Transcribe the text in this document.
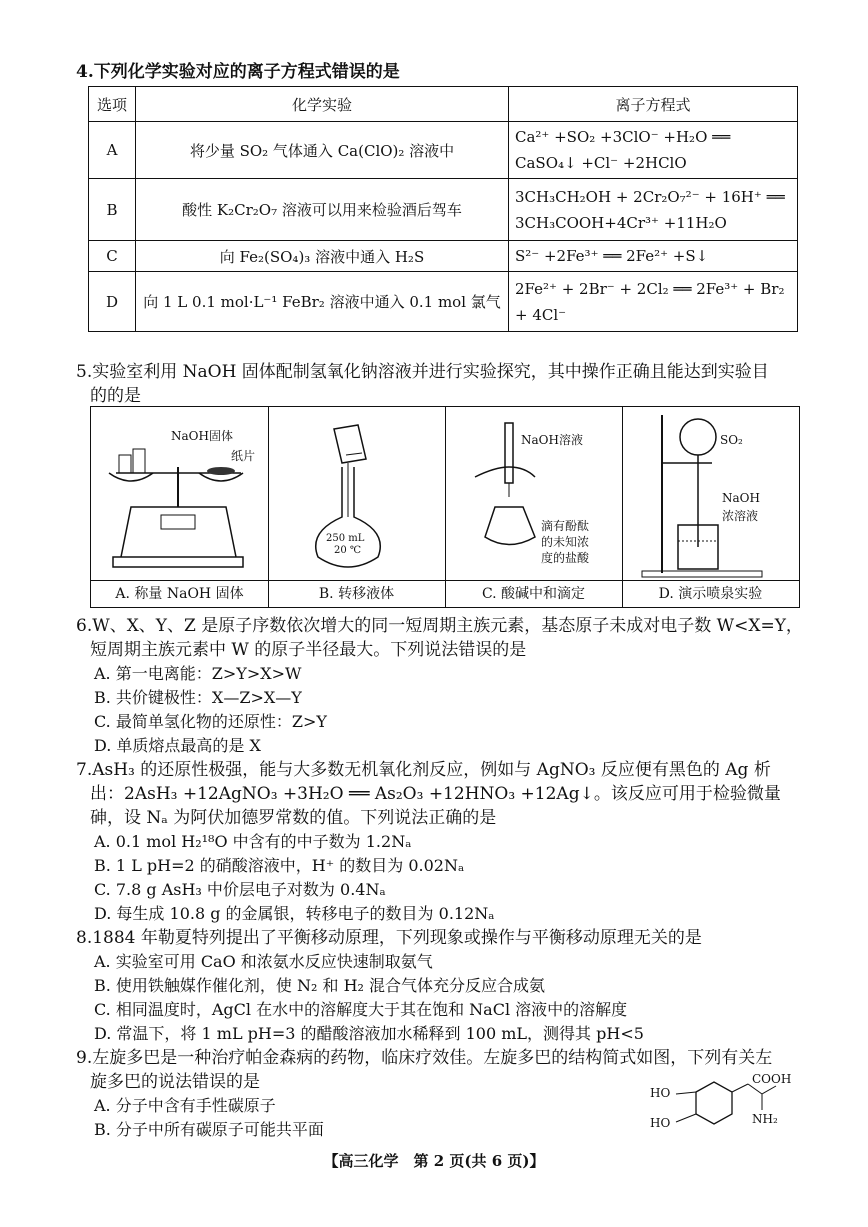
4.下列化学实验对应的离子方程式错误的是
选项	化学实验	离子方程式
A	将少量 SO₂ 气体通入 Ca(ClO)₂ 溶液中	Ca²⁺ +SO₂ +3ClO⁻ +H₂O ══ CaSO₄↓ +Cl⁻ +2HClO
B	酸性 K₂Cr₂O₇ 溶液可以用来检验酒后驾车	3CH₃CH₂OH + 2Cr₂O₇²⁻ + 16H⁺ ══ 3CH₃COOH+4Cr³⁺ +11H₂O
C	向 Fe₂(SO₄)₃ 溶液中通入 H₂S	S²⁻ +2Fe³⁺ ══ 2Fe²⁺ +S↓
D	向 1 L 0.1 mol·L⁻¹ FeBr₂ 溶液中通入 0.1 mol 氯气	2Fe²⁺ + 2Br⁻ + 2Cl₂ ══ 2Fe³⁺ + Br₂ + 4Cl⁻
5.实验室利用 NaOH 固体配制氢氧化钠溶液并进行实验探究，其中操作正确且能达到实验目
的的是
NaOH固体
纸片
A. 称量 NaOH 固体
250 mL
20 ℃
B. 转移液体
NaOH溶液
滴有酚酞
的未知浓
度的盐酸
C. 酸碱中和滴定
SO₂
NaOH
浓溶液
D. 演示喷泉实验
6.W、X、Y、Z 是原子序数依次增大的同一短周期主族元素，基态原子未成对电子数 W<X=Y，
短周期主族元素中 W 的原子半径最大。下列说法错误的是
A. 第一电离能：Z>Y>X>W
B. 共价键极性：X—Z>X—Y
C. 最简单氢化物的还原性：Z>Y
D. 单质熔点最高的是 X
7.AsH₃ 的还原性极强，能与大多数无机氧化剂反应，例如与 AgNO₃ 反应便有黑色的 Ag 析
出：2AsH₃ +12AgNO₃ +3H₂O ══ As₂O₃ +12HNO₃ +12Ag↓。该反应可用于检验微量
砷，设 Nₐ 为阿伏加德罗常数的值。下列说法正确的是
A. 0.1 mol H₂¹⁸O 中含有的中子数为 1.2Nₐ
B. 1 L pH=2 的硝酸溶液中，H⁺ 的数目为 0.02Nₐ
C. 7.8 g AsH₃ 中价层电子对数为 0.4Nₐ
D. 每生成 10.8 g 的金属银，转移电子的数目为 0.12Nₐ
8.1884 年勒夏特列提出了平衡移动原理，下列现象或操作与平衡移动原理无关的是
A. 实验室可用 CaO 和浓氨水反应快速制取氨气
B. 使用铁触媒作催化剂，使 N₂ 和 H₂ 混合气体充分反应合成氨
C. 相同温度时，AgCl 在水中的溶解度大于其在饱和 NaCl 溶液中的溶解度
D. 常温下，将 1 mL pH=3 的醋酸溶液加水稀释到 100 mL，测得其 pH<5
9.左旋多巴是一种治疗帕金森病的药物，临床疗效佳。左旋多巴的结构简式如图，下列有关左
旋多巴的说法错误的是
A. 分子中含有手性碳原子
B. 分子中所有碳原子可能共平面
HO
HO
COOH
NH₂
【高三化学　第 2 页(共 6 页)】
